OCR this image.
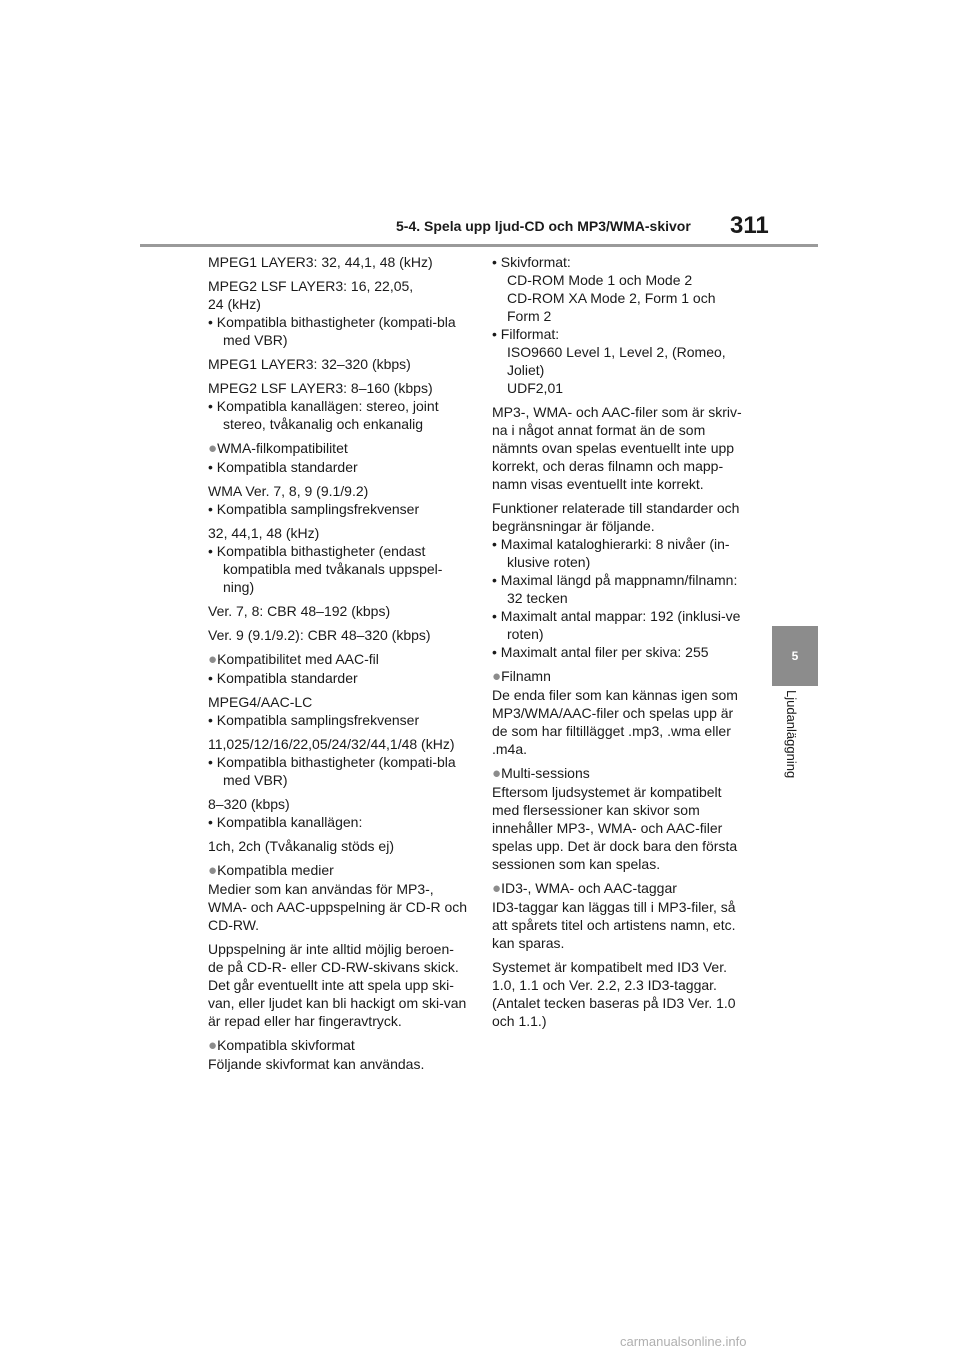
5-4. Spela upp ljud-CD och MP3/WMA-skivor 311
5
Ljudanläggning

MPEG1 LAYER3: 32, 44,1, 48 (kHz)

MPEG2 LSF LAYER3: 16, 22,05,

24 (kHz)

• Kompatibla bithastigheter (kompati-bla med VBR)

MPEG1 LAYER3: 32–320 (kbps)

MPEG2 LSF LAYER3: 8–160 (kbps)

• Kompatibla kanallägen: stereo, joint stereo, tvåkanalig och enkanalig

●WMA-filkompatibilitet

• Kompatibla standarder

WMA Ver. 7, 8, 9 (9.1/9.2)

• Kompatibla samplingsfrekvenser

32, 44,1, 48 (kHz)

• Kompatibla bithastigheter (endast kompatibla med tvåkanals uppspel-ning)

Ver. 7, 8: CBR 48–192 (kbps)

Ver. 9 (9.1/9.2): CBR 48–320 (kbps)

●Kompatibilitet med AAC-fil

• Kompatibla standarder

MPEG4/AAC-LC

• Kompatibla samplingsfrekvenser

11,025/12/16/22,05/24/32/44,1/48 (kHz)

• Kompatibla bithastigheter (kompati-bla med VBR)

8–320 (kbps)

• Kompatibla kanallägen:

1ch, 2ch (Tvåkanalig stöds ej)

●Kompatibla medier

Medier som kan användas för MP3-, WMA- och AAC-uppspelning är CD-R och CD-RW.

Uppspelning är inte alltid möjlig beroen-de på CD-R- eller CD-RW-skivans skick. Det går eventuellt inte att spela upp ski-van, eller ljudet kan bli hackigt om ski-van är repad eller har fingeravtryck.

●Kompatibla skivformat

Följande skivformat kan användas.

• Skivformat:

CD-ROM Mode 1 och Mode 2

CD-ROM XA Mode 2, Form 1 och Form 2

• Filformat:

ISO9660 Level 1, Level 2, (Romeo, Joliet)

UDF2,01

MP3-, WMA- och AAC-filer som är skriv-na i något annat format än de som nämnts ovan spelas eventuellt inte upp korrekt, och deras filnamn och mapp-namn visas eventuellt inte korrekt.

Funktioner relaterade till standarder och begränsningar är följande.

• Maximal kataloghierarki: 8 nivåer (in-klusive roten)

• Maximal längd på mappnamn/filnamn: 32 tecken

• Maximalt antal mappar: 192 (inklusi-ve roten)

• Maximalt antal filer per skiva: 255

●Filnamn

De enda filer som kan kännas igen som MP3/WMA/AAC-filer och spelas upp är de som har filtillägget .mp3, .wma eller .m4a.

●Multi-sessions

Eftersom ljudsystemet är kompatibelt med flersessioner kan skivor som innehåller MP3-, WMA- och AAC-filer spelas upp. Det är dock bara den första sessionen som kan spelas.

●ID3-, WMA- och AAC-taggar

ID3-taggar kan läggas till i MP3-filer, så att spårets titel och artistens namn, etc. kan sparas.

Systemet är kompatibelt med ID3 Ver. 1.0, 1.1 och Ver. 2.2, 2.3 ID3-taggar. (Antalet tecken baseras på ID3 Ver. 1.0 och 1.1.)

carmanualsonline.info
